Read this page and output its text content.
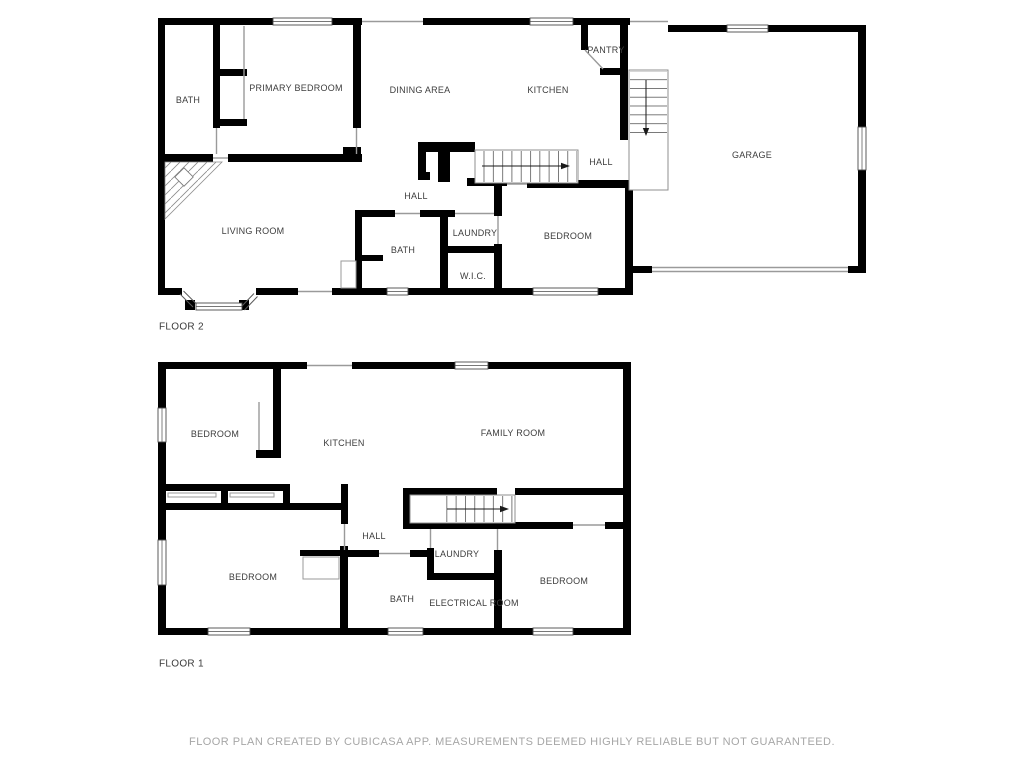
FLOOR 2
BATH
PRIMARY BEDROOM	DINING AREA	KITCHEN
PANTRY
HALL
GARAGE
HALL
LIVING ROOM
BATH
LAUNDRY
W.I.C.
BEDROOM
FLOOR 1
BEDROOM
KITCHEN
FAMILY ROOM
HALL
LAUNDRY
BEDROOM
BATH ELECTRICAL ROOM
BEDROOM
FLOOR PLAN CREATED BY CUBICASA APP. MEASUREMENTS DEEMED HIGHLY RELIABLE BUT NOT GUARANTEED.
